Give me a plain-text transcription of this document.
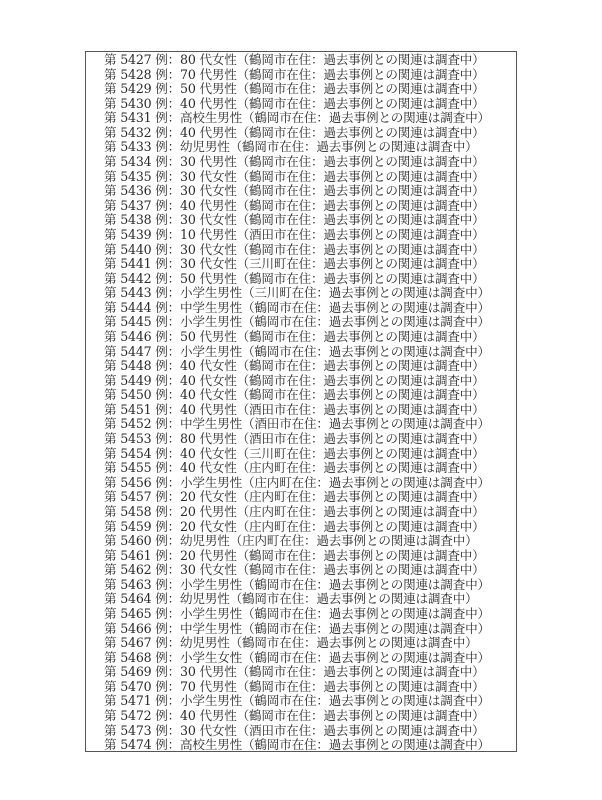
第 5427 例：80 代女性（鶴岡市在住：過去事例との関連は調査中）
第 5428 例：70 代男性（鶴岡市在住：過去事例との関連は調査中）
第 5429 例：50 代男性（鶴岡市在住：過去事例との関連は調査中）
第 5430 例：40 代男性（鶴岡市在住：過去事例との関連は調査中）
第 5431 例：高校生男性（鶴岡市在住：過去事例との関連は調査中）
第 5432 例：40 代男性（鶴岡市在住：過去事例との関連は調査中）
第 5433 例：幼児男性（鶴岡市在住：過去事例との関連は調査中）
第 5434 例：30 代男性（鶴岡市在住：過去事例との関連は調査中）
第 5435 例：30 代女性（鶴岡市在住：過去事例との関連は調査中）
第 5436 例：30 代女性（鶴岡市在住：過去事例との関連は調査中）
第 5437 例：40 代男性（鶴岡市在住：過去事例との関連は調査中）
第 5438 例：30 代女性（鶴岡市在住：過去事例との関連は調査中）
第 5439 例：10 代男性（酒田市在住：過去事例との関連は調査中）
第 5440 例：30 代女性（鶴岡市在住：過去事例との関連は調査中）
第 5441 例：30 代女性（三川町在住：過去事例との関連は調査中）
第 5442 例：50 代男性（鶴岡市在住：過去事例との関連は調査中）
第 5443 例：小学生男性（三川町在住：過去事例との関連は調査中）
第 5444 例：中学生男性（鶴岡市在住：過去事例との関連は調査中）
第 5445 例：小学生男性（鶴岡市在住：過去事例との関連は調査中）
第 5446 例：50 代男性（鶴岡市在住：過去事例との関連は調査中）
第 5447 例：小学生男性（鶴岡市在住：過去事例との関連は調査中）
第 5448 例：40 代女性（鶴岡市在住：過去事例との関連は調査中）
第 5449 例：40 代女性（鶴岡市在住：過去事例との関連は調査中）
第 5450 例：40 代女性（鶴岡市在住：過去事例との関連は調査中）
第 5451 例：40 代男性（酒田市在住：過去事例との関連は調査中）
第 5452 例：中学生男性（酒田市在住：過去事例との関連は調査中）
第 5453 例：80 代男性（酒田市在住：過去事例との関連は調査中）
第 5454 例：40 代女性（三川町在住：過去事例との関連は調査中）
第 5455 例：40 代女性（庄内町在住：過去事例との関連は調査中）
第 5456 例：小学生男性（庄内町在住：過去事例との関連は調査中）
第 5457 例：20 代女性（庄内町在住：過去事例との関連は調査中）
第 5458 例：20 代男性（庄内町在住：過去事例との関連は調査中）
第 5459 例：20 代女性（庄内町在住：過去事例との関連は調査中）
第 5460 例：幼児男性（庄内町在住：過去事例との関連は調査中）
第 5461 例：20 代男性（鶴岡市在住：過去事例との関連は調査中）
第 5462 例：30 代女性（鶴岡市在住：過去事例との関連は調査中）
第 5463 例：小学生男性（鶴岡市在住：過去事例との関連は調査中）
第 5464 例：幼児男性（鶴岡市在住：過去事例との関連は調査中）
第 5465 例：小学生男性（鶴岡市在住：過去事例との関連は調査中）
第 5466 例：中学生男性（鶴岡市在住：過去事例との関連は調査中）
第 5467 例：幼児男性（鶴岡市在住：過去事例との関連は調査中）
第 5468 例：小学生女性（鶴岡市在住：過去事例との関連は調査中）
第 5469 例：30 代男性（鶴岡市在住：過去事例との関連は調査中）
第 5470 例：70 代男性（鶴岡市在住：過去事例との関連は調査中）
第 5471 例：小学生男性（鶴岡市在住：過去事例との関連は調査中）
第 5472 例：40 代男性（鶴岡市在住：過去事例との関連は調査中）
第 5473 例：30 代女性（酒田市在住：過去事例との関連は調査中）
第 5474 例：高校生男性（鶴岡市在住：過去事例との関連は調査中）
